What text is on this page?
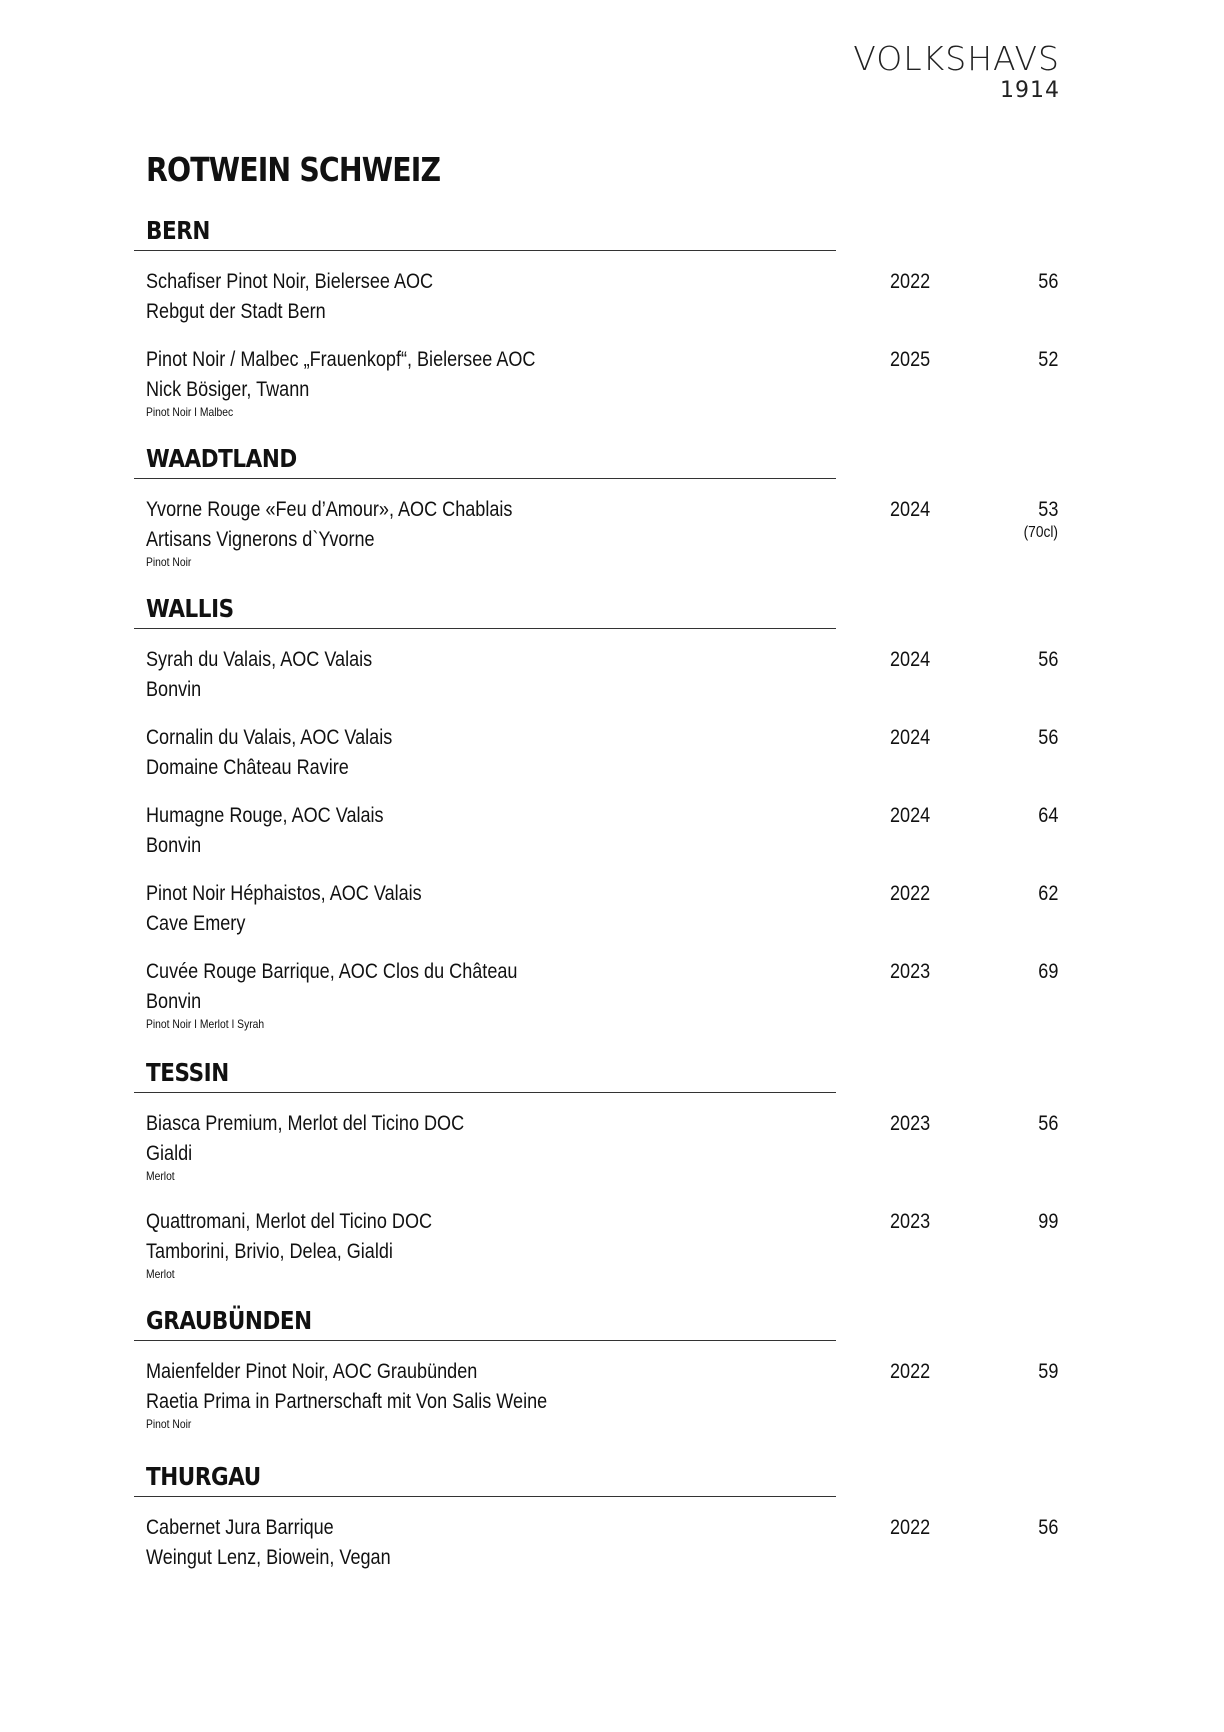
VOLKSHAVS
1914
ROTWEIN SCHWEIZ
BERN
Schafiser Pinot Noir, Bielersee AOC
Rebgut der Stadt Bern
2022	56
Pinot Noir / Malbec „Frauenkopf“, Bielersee AOC
Nick Bösiger, Twann
Pinot Noir I Malbec
2025	52
WAADTLAND
Yvorne Rouge «Feu d’Amour», AOC Chablais
Artisans Vignerons d`Yvorne
Pinot Noir
2024	53
(70cl)
WALLIS
Syrah du Valais, AOC Valais
Bonvin
2024	56
Cornalin du Valais, AOC Valais
Domaine Château Ravire
2024	56
Humagne Rouge, AOC Valais
Bonvin
2024	64
Pinot Noir Héphaistos, AOC Valais
Cave Emery
2022	62
Cuvée Rouge Barrique, AOC Clos du Château
Bonvin
Pinot Noir I Merlot I Syrah
2023	69
TESSIN
Biasca Premium, Merlot del Ticino DOC
Gialdi
Merlot
2023	56
Quattromani, Merlot del Ticino DOC
Tamborini, Brivio, Delea, Gialdi
Merlot
2023	99
GRAUBÜNDEN
Maienfelder Pinot Noir, AOC Graubünden
Raetia Prima in Partnerschaft mit Von Salis Weine
Pinot Noir
2022	59
THURGAU
Cabernet Jura Barrique
Weingut Lenz, Biowein, Vegan
2022	56
